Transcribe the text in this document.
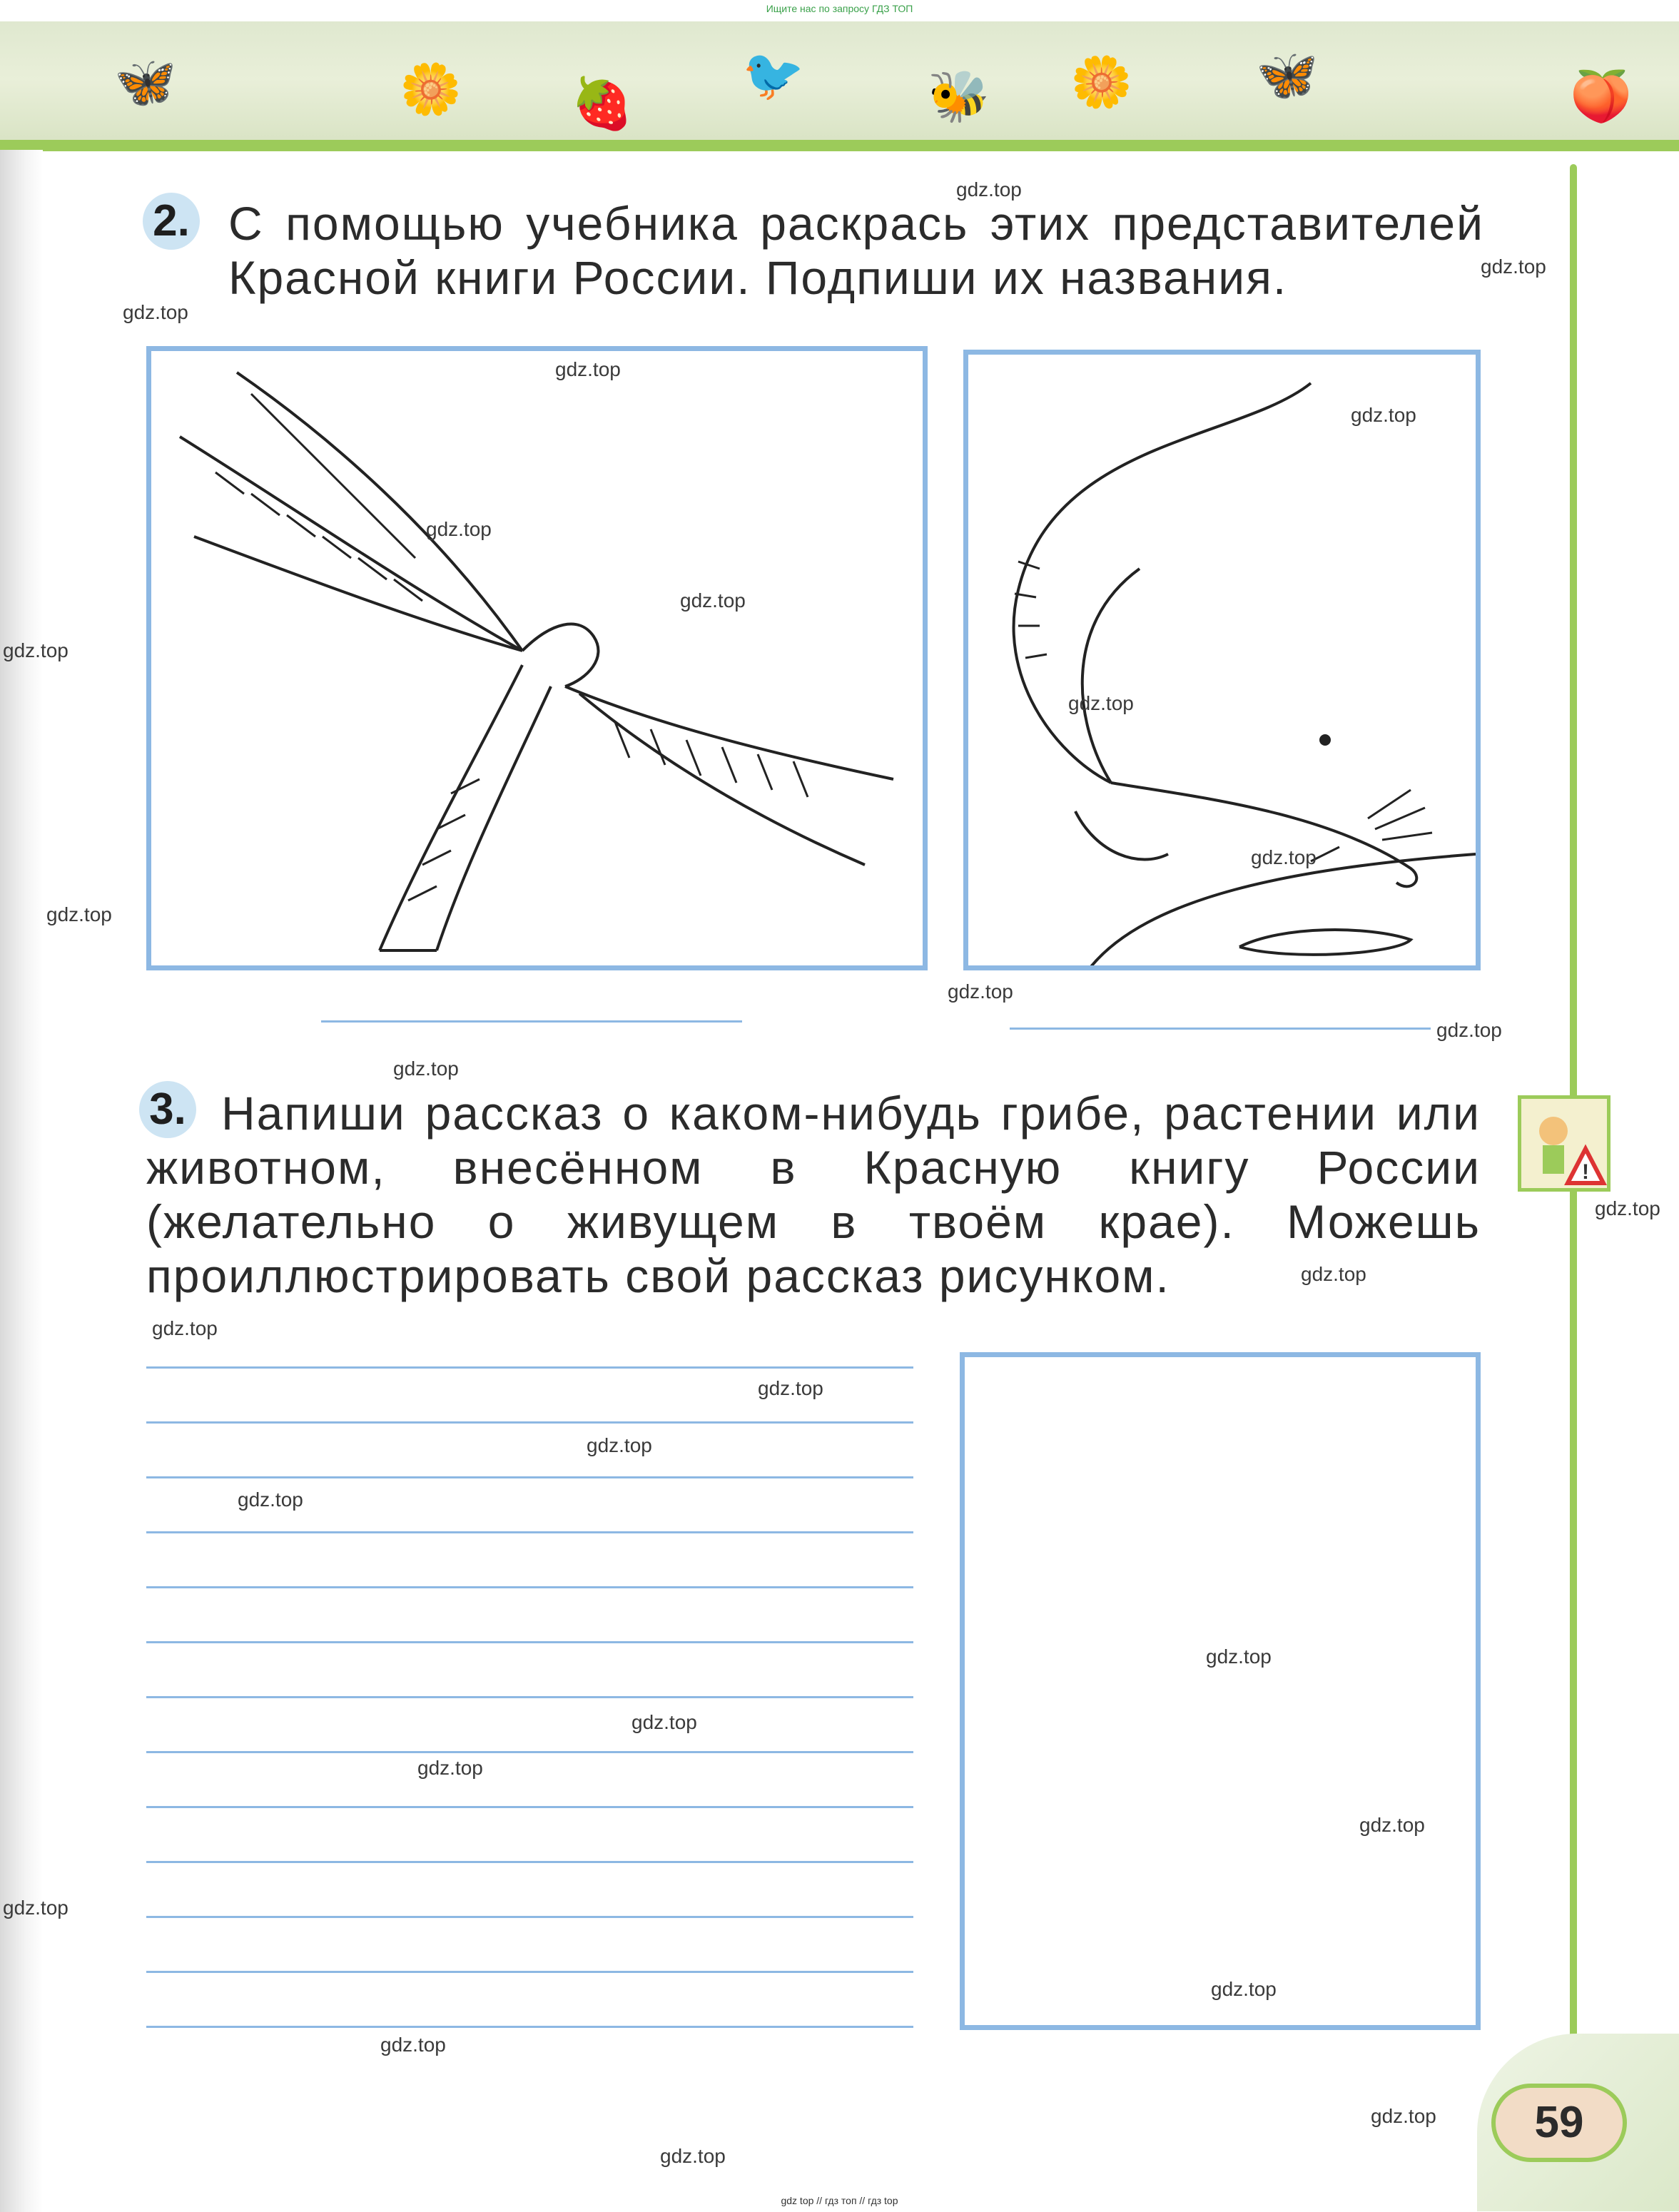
Ищите нас по запросу ГДЗ ТОП
🦋	🌼 🍓
🐦	🌼
🐝	🦋	🍑
2. С помощью учебника раскрась этих представителей Красной книги России. Подпиши их названия.
3. Напиши рассказ о каком-нибудь грибе, растении или животном, внесённом в Красную книгу России (желательно о живущем в твоём крае). Можешь проиллюстрировать свой рассказ рисунком.
!
59
gdz.top
gdz.top
gdz.top
gdz.top
gdz.top
gdz.top
gdz.top
gdz.top
gdz.top
gdz.top
gdz.top
gdz.top
gdz.top
gdz.top
gdz.top
gdz.top
gdz.top
gdz.top
gdz.top
gdz.top
gdz.top
gdz.top
gdz.top
gdz.top
gdz.top
gdz.top
gdz.top
gdz.top
gdz.top
gdz top // гдз топ // гдз top
